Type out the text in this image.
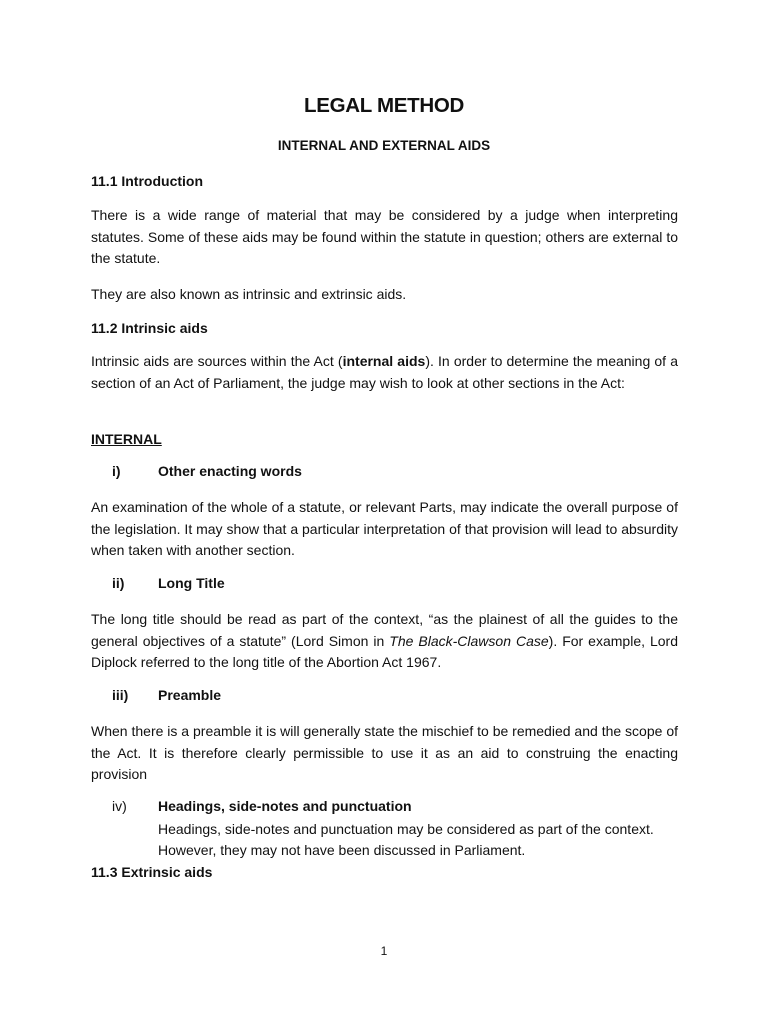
LEGAL METHOD
INTERNAL AND EXTERNAL AIDS
11.1 Introduction
There is a wide range of material that may be considered by a judge when interpreting statutes. Some of these aids may be found within the statute in question; others are external to the statute.
They are also known as intrinsic and extrinsic aids.
11.2 Intrinsic aids
Intrinsic aids are sources within the Act (internal aids). In order to determine the meaning of a section of an Act of Parliament, the judge may wish to look at other sections in the Act:
INTERNAL
i)	Other enacting words
An examination of the whole of a statute, or relevant Parts, may indicate the overall purpose of the legislation. It may show that a particular interpretation of that provision will lead to absurdity when taken with another section.
ii) Long Title
The long title should be read as part of the context, “as the plainest of all the guides to the general objectives of a statute” (Lord Simon in The Black-Clawson Case). For example, Lord Diplock referred to the long title of the Abortion Act 1967.
iii) Preamble
When there is a preamble it is will generally state the mischief to be remedied and the scope of the Act. It is therefore clearly permissible to use it as an aid to construing the enacting provision
iv) Headings, side-notes and punctuation
Headings, side-notes and punctuation may be considered as part of the context. However, they may not have been discussed in Parliament.
11.3 Extrinsic aids
1
